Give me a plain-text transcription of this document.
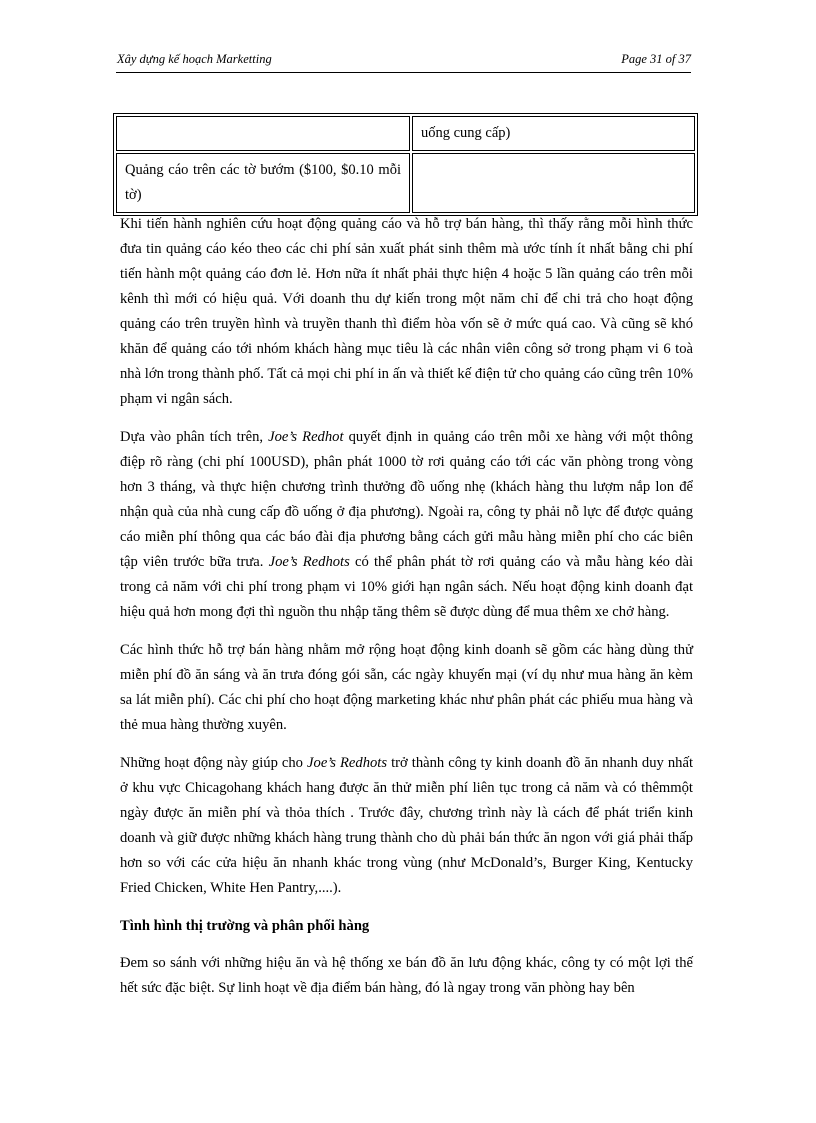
Xây dựng kế hoạch Marketting	Page 31 of 37
	uống cung cấp)
Quảng cáo trên các tờ bướm ($100, $0.10 mỗi tờ)	

Khi tiến hành nghiên cứu hoạt động quảng cáo và hỗ trợ bán hàng, thì thấy rằng mỗi hình thức đưa tin quảng cáo kéo theo các chi phí sản xuất phát sinh thêm mà ước tính ít nhất bằng chi phí tiến hành một quảng cáo đơn lẻ. Hơn nữa ít nhất phải thực hiện 4 hoặc 5 lần quảng cáo trên mỗi kênh thì mới có hiệu quả. Với doanh thu dự kiến trong một năm chỉ để chi trả cho hoạt động quảng cáo trên truyền hình và truyền thanh thì điểm hòa vốn sẽ ở mức quá cao. Và cũng sẽ khó khăn để quảng cáo tới nhóm khách hàng mục tiêu là các nhân viên công sở trong phạm vi 6 toà nhà lớn trong thành phố. Tất cả mọi chi phí in ấn và thiết kế điện tử cho quảng cáo cũng trên 10% phạm vi ngân sách.

Dựa vào phân tích trên, Joe’s Redhot quyết định in quảng cáo trên mỗi xe hàng với một thông điệp rõ ràng (chi phí 100USD), phân phát 1000 tờ rơi quảng cáo tới các văn phòng trong vòng hơn 3 tháng, và thực hiện chương trình thưởng đồ uống nhẹ (khách hàng thu lượm nắp lon để nhận quà của nhà cung cấp đồ uống ở địa phương). Ngoài ra, công ty phải nỗ lực để được quảng cáo miễn phí thông qua các báo đài địa phương bằng cách gửi mẫu hàng miễn phí cho các biên tập viên trước bữa trưa. Joe’s Redhots có thể phân phát tờ rơi quảng cáo và mẫu hàng kéo dài trong cả năm với chi phí trong phạm vi 10% giới hạn ngân sách. Nếu hoạt động kinh doanh đạt hiệu quả hơn mong đợi thì nguồn thu nhập tăng thêm sẽ được dùng để mua thêm xe chở hàng.

Các hình thức hỗ trợ bán hàng nhằm mở rộng hoạt động kinh doanh sẽ gồm các hàng dùng thử miễn phí đồ ăn sáng và ăn trưa đóng gói sẵn, các ngày khuyến mại (ví dụ như mua hàng ăn kèm sa lát miễn phí). Các chi phí cho hoạt động marketing khác như phân phát các phiếu mua hàng và thẻ mua hàng thường xuyên.

Những hoạt động này giúp cho Joe’s Redhots trở thành công ty kinh doanh đồ ăn nhanh duy nhất ở khu vực Chicagohang khách hang được ăn thử miễn phí liên tục trong cả năm và có thêmmột ngày được ăn miễn phí và thỏa thích . Trước đây, chương trình này là cách để phát triển kinh doanh và giữ được những khách hàng trung thành cho dù phải bán thức ăn ngon với giá phải thấp hơn so với các cửa hiệu ăn nhanh khác trong vùng (như McDonald’s, Burger King, Kentucky Fried Chicken, White Hen Pantry,....).

Tình hình thị trường và phân phối hàng

Đem so sánh với những hiệu ăn và hệ thống xe bán đồ ăn lưu động khác, công ty có một lợi thế hết sức đặc biệt. Sự linh hoạt về địa điểm bán hàng, đó là ngay trong văn phòng hay bên
